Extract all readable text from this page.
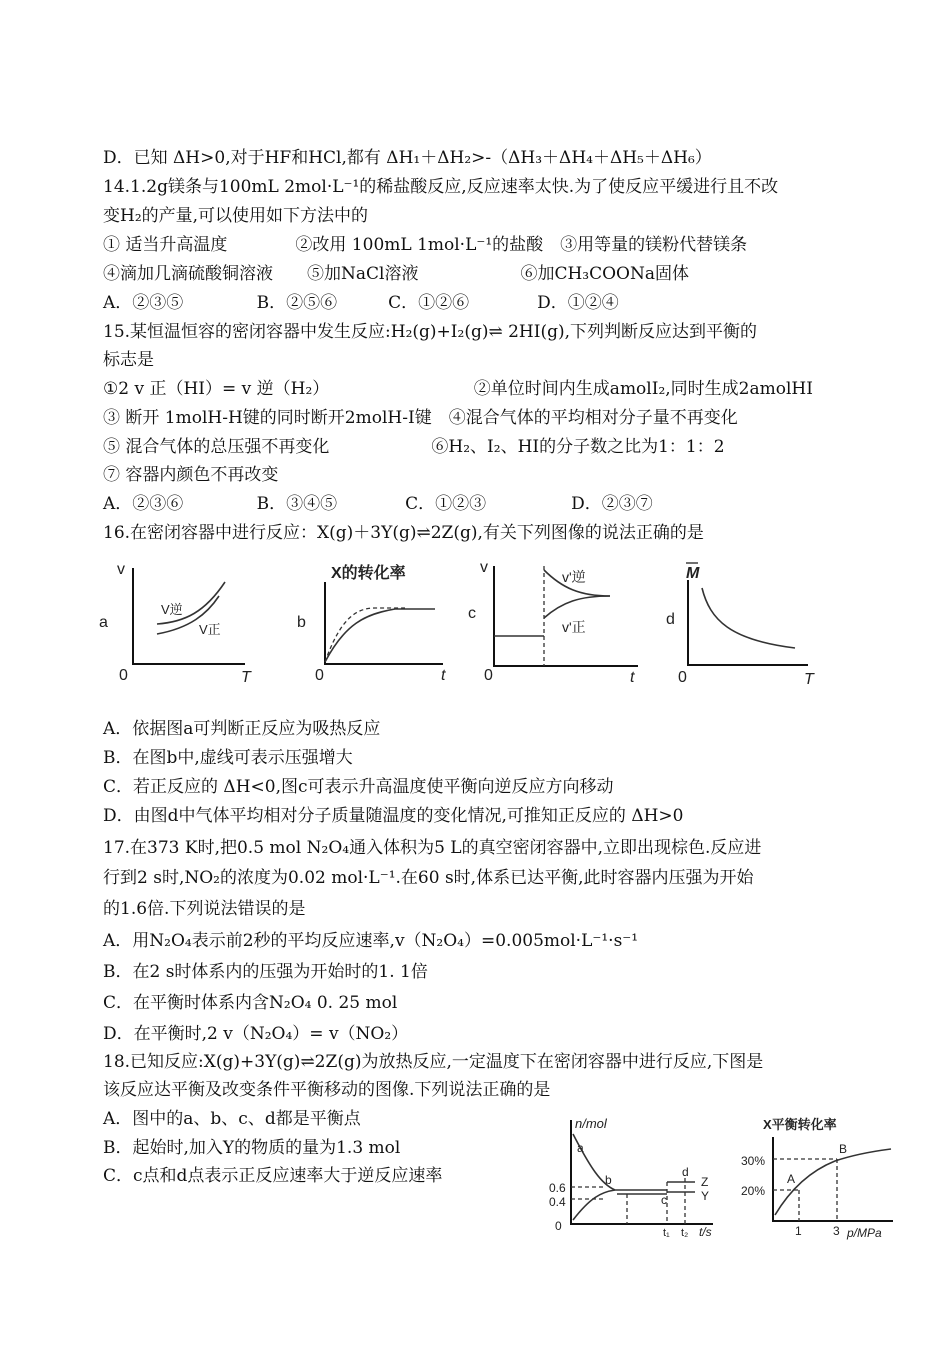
D．已知 ΔH>0,对于HF和HCl,都有 ΔH₁＋ΔH₂>-（ΔH₃＋ΔH₄＋ΔH₅＋ΔH₆）
14.1.2g镁条与100mL 2mol·L⁻¹的稀盐酸反应,反应速率太快.为了使反应平缓进行且不改
变H₂的产量,可以使用如下方法中的
① 适当升高温度　　　　②改用 100mL 1mol·L⁻¹的盐酸　③用等量的镁粉代替镁条
④滴加几滴硫酸铜溶液　　⑤加NaCl溶液　　　　　　⑥加CH₃COONa固体
A．②③⑤　　　　 B．②⑤⑥　　　C．①②⑥　　　　D．①②④
15.某恒温恒容的密闭容器中发生反应:H₂(g)+I₂(g)⇌ 2HI(g),下列判断反应达到平衡的
标志是
①2 v 正（HI）= v 逆（H₂）　　　　　　　　　②单位时间内生成amolI₂,同时生成2amolHI
③ 断开 1molH-H键的同时断开2molH-I键　④混合气体的平均相对分子量不再变化
⑤ 混合气体的总压强不再变化　　　　　　⑥H₂、I₂、HI的分子数之比为1：1：2
⑦ 容器内颜色不再改变
A．②③⑥　　　　 B．③④⑤　　　　C．①②③　　　　　D．②③⑦
16.在密闭容器中进行反应：X(g)＋3Y(g)⇌2Z(g),有关下列图像的说法正确的是
v
a
0	T
V逆
V正
X的转化率
b
0	t
v
c
0	t
v'逆
v'正
M
d
0	T
A．依据图a可判断正反应为吸热反应
B．在图b中,虚线可表示压强增大
C．若正反应的 ΔH<0,图c可表示升高温度使平衡向逆反应方向移动
D．由图d中气体平均相对分子质量随温度的变化情况,可推知正反应的 ΔH>0
17.在373 K时,把0.5 mol N₂O₄通入体积为5 L的真空密闭容器中,立即出现棕色.反应进
行到2 s时,NO₂的浓度为0.02 mol·L⁻¹.在60 s时,体系已达平衡,此时容器内压强为开始
的1.6倍.下列说法错误的是
A．用N₂O₄表示前2秒的平均反应速率,v（N₂O₄）=0.005mol·L⁻¹·s⁻¹
B．在2 s时体系内的压强为开始时的1. 1倍
C．在平衡时体系内含N₂O₄ 0. 25 mol
D．在平衡时,2 v（N₂O₄）= v（NO₂）
18.已知反应:X(g)+3Y(g)⇌2Z(g)为放热反应,一定温度下在密闭容器中进行反应,下图是
该反应达平衡及改变条件平衡移动的图像.下列说法正确的是
A．图中的a、b、c、d都是平衡点
B．起始时,加入Y的物质的量为1.3 mol
C．c点和d点表示正反应速率大于逆反应速率
n/mol
0.6
0.4
0
a
b
c
d
Z
Y
t₁ t₂ t/s
X平衡转化率
30%
20%
A
B
1	3 p/MPa
